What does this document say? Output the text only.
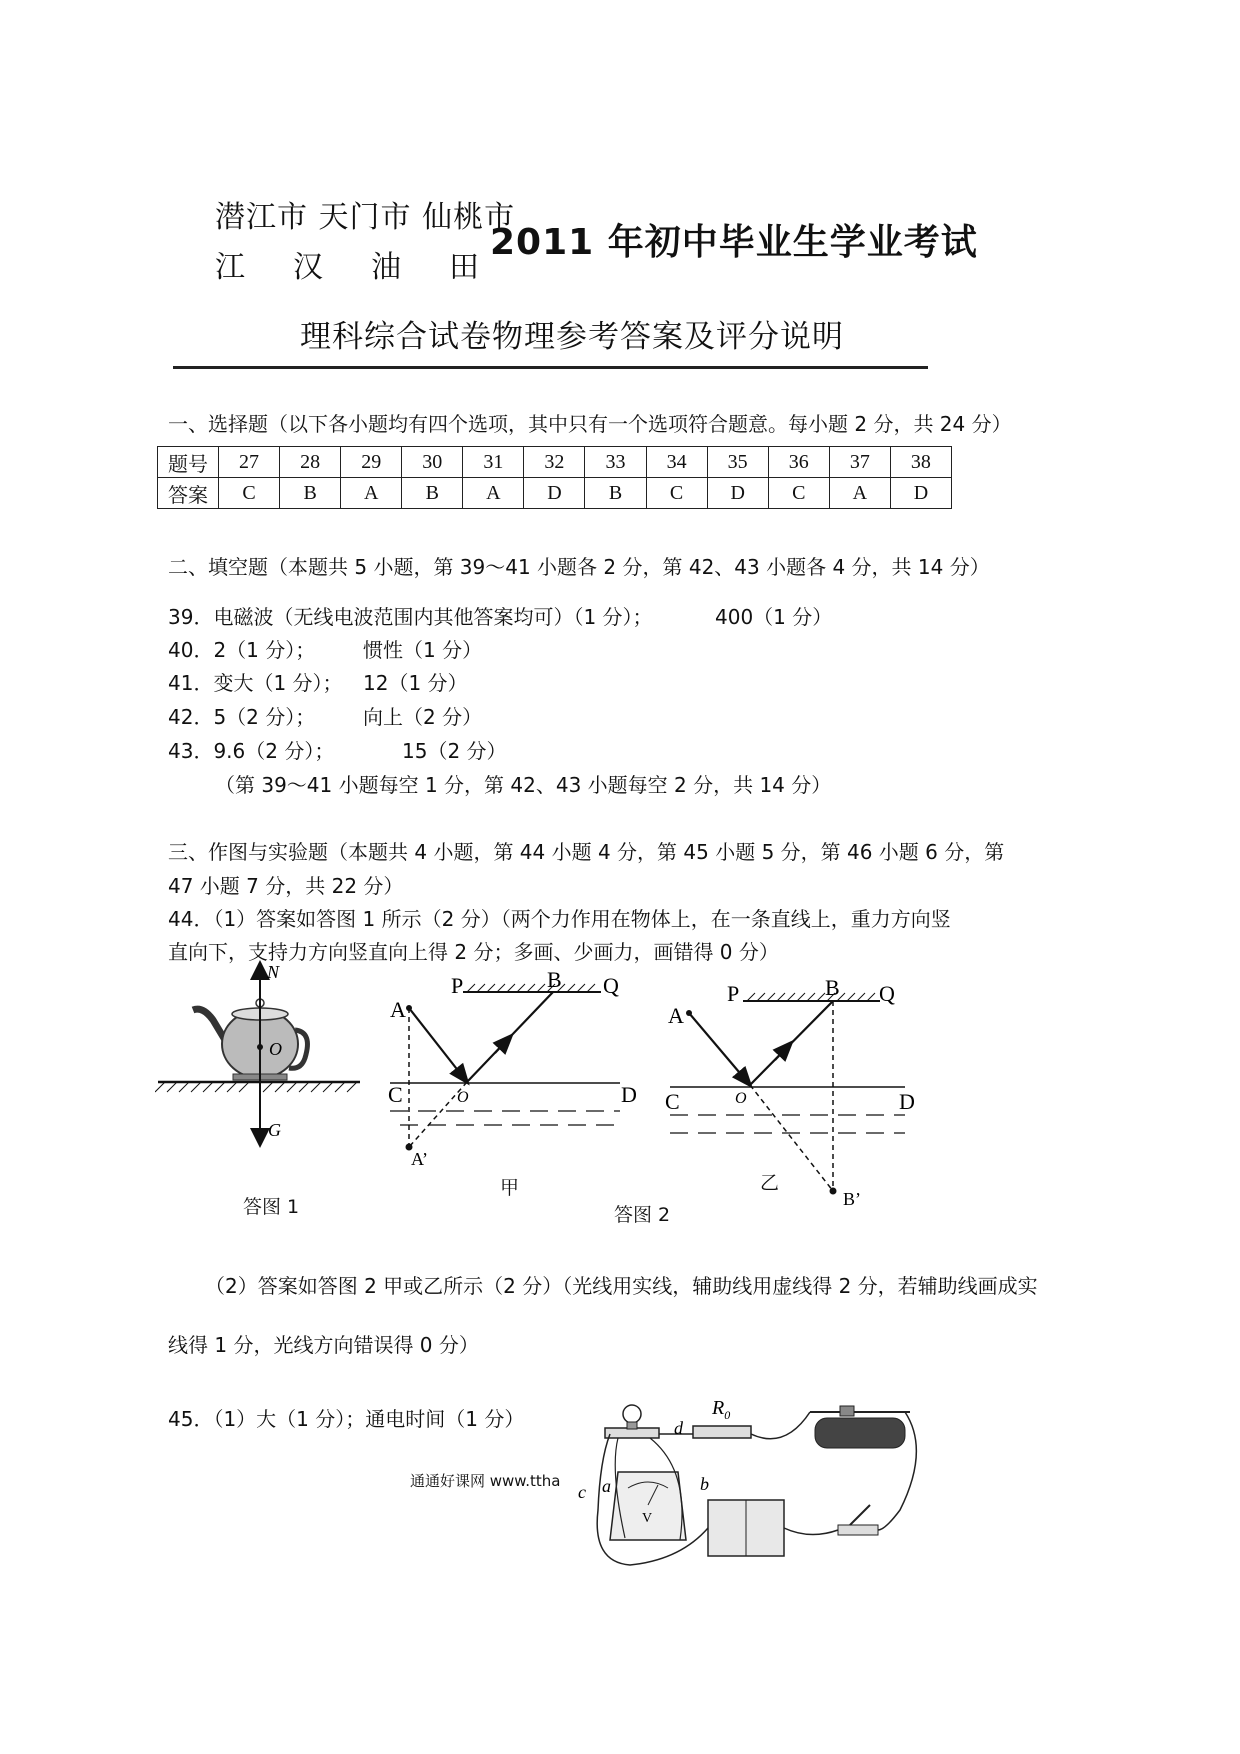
潜江市 天门市 仙桃市
江 汉 油 田
2011 年初中毕业生学业考试
理科综合试卷物理参考答案及评分说明
一、选择题（以下各小题均有四个选项，其中只有一个选项符合题意。每小题 2 分，共 24 分）
题号	27	28	29	30	31	32	33	34	35	36	37	38
答案	C	B	A	B	A	D	B	C	D	C	A	D
二、填空题（本题共 5 小题，第 39～41 小题各 2 分，第 42、43 小题各 4 分，共 14 分）
39．电磁波（无线电波范围内其他答案均可）（1 分）；	400（1 分）
40．2（1 分）； 惯性（1 分）
41．变大（1 分）； 12（1 分）
42．5（2 分）； 向上（2 分）
43．9.6（2 分）；	15（2 分）
（第 39～41 小题每空 1 分，第 42、43 小题每空 2 分，共 14 分）
三、作图与实验题（本题共 4 小题，第 44 小题 4 分，第 45 小题 5 分，第 46 小题 6 分，第
47 小题 7 分，共 22 分）
44．（1）答案如答图 1 所示（2 分）（两个力作用在物体上，在一条直线上，重力方向竖
直向下，支持力方向竖直向上得 2 分；多画、少画力，画错得 0 分）
N
O
G
答图 1
P	B Q
A
C	D
O
A’
甲
P	B Q
A
C	D
O
B’
乙
答图 2
（2）答案如答图 2 甲或乙所示（2 分）（光线用实线，辅助线用虚线得 2 分，若辅助线画成实
线得 1 分，光线方向错误得 0 分）
45．（1）大（1 分）；通电时间（1 分）	$R_0$
V
d
a	b
c
通通好课网 www.ttha
